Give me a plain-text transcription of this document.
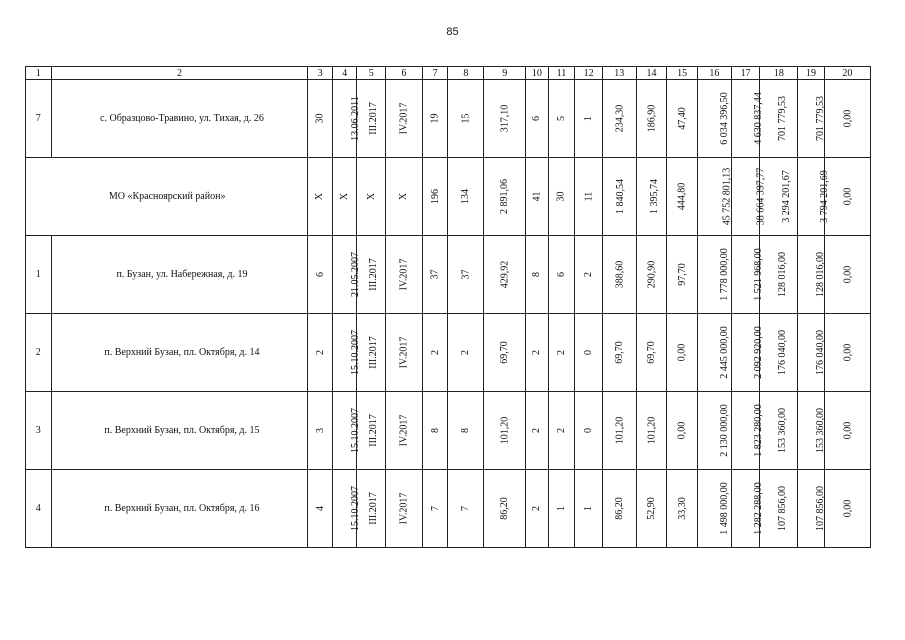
85
1	2	3	4	5	6	7	8	9	10	11	12	13	14	15	16	17	18	19	20
7	с. Образцово-Травино, ул. Тихая, д. 26	30	13.06.2011	III.2017	IV.2017	19	15	317,10	6	5	1	234,30	186,90	47,40	6 034 396,50	4 630 837,44	701 779,53	701 779,53	0,00
МО «Красноярский район»		X	X	X	X	196	134	2 891,06	41	30	11	1 840,54	1 395,74	444,80	45 752 801,13	38 664 397,77	3 294 201,67	3 794 201,69	0,00
1	п. Бузан, ул. Набережная, д. 19	6	21.05.2007	III.2017	IV.2017	37	37	429,92	8	6	2	388,60	290,90	97,70	1 778 000,00	1 521 968,00	128 016,00	128 016,00	0,00
2	п. Верхний Бузан, пл. Октября, д. 14	2	15.10.2007	III.2017	IV.2017	2	2	69,70	2	2	0	69,70	69,70	0,00	2 445 000,00	2 092 920,00	176 040,00	176 040,00	0,00
3	п. Верхний Бузан, пл. Октября, д. 15	3	15.10.2007	III.2017	IV.2017	8	8	101,20	2	2	0	101,20	101,20	0,00	2 130 000,00	1 823 280,00	153 360,00	153 360,00	0,00
4	п. Верхний Бузан, пл. Октября, д. 16	4	15.10.2007	III.2017	IV.2017	7	7	86,20	2	1	1	86,20	52,90	33,30	1 498 000,00	1 282 288,00	107 856,00	107 856,00	0,00
